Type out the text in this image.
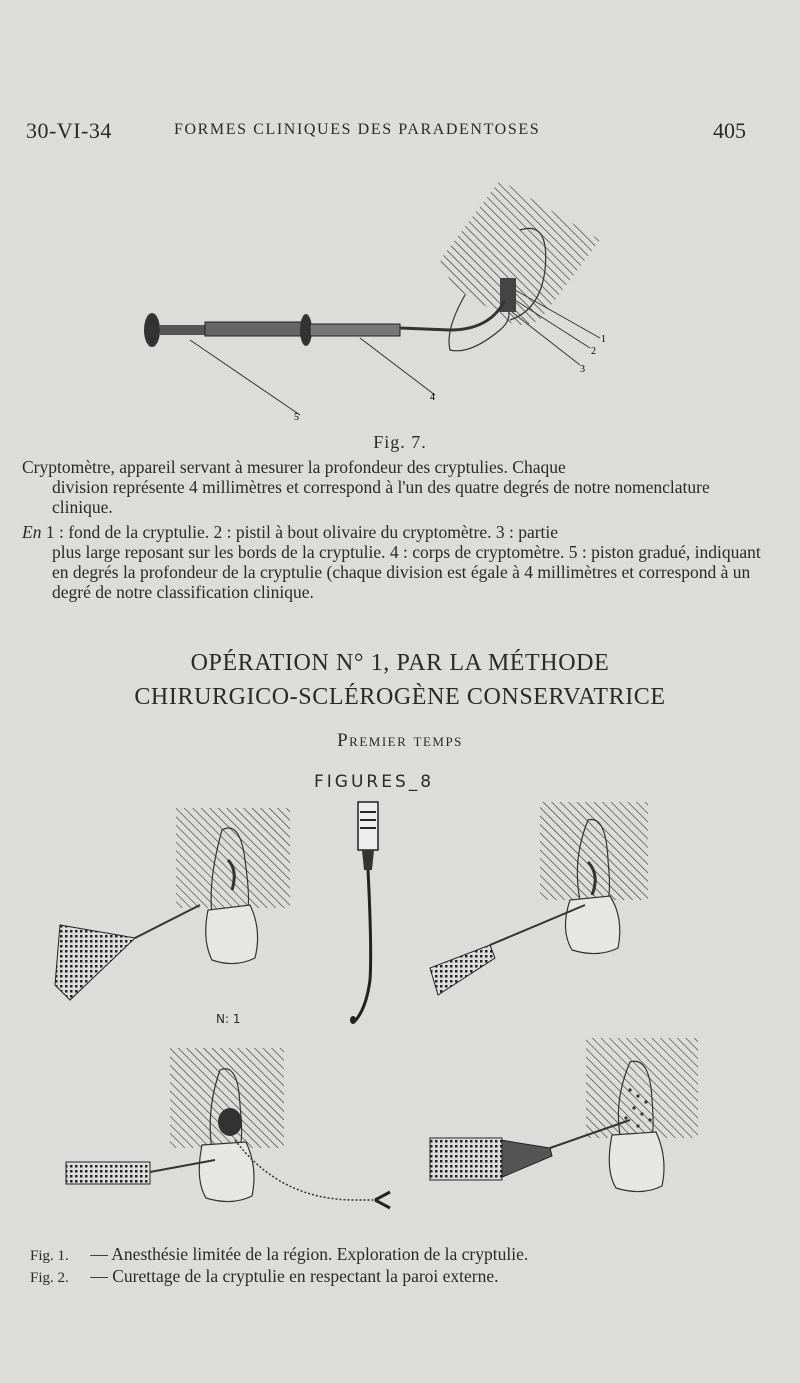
30-VI-34	FORMES CLINIQUES DES PARADENTOSES	405
1
2
3
4
5
Fig. 7.
Cryptomètre, appareil servant à mesurer la profondeur des cryptulies. Chaque
division représente 4 millimètres et correspond à l'un des quatre degrés de notre nomenclature clinique.
En 1 : fond de la cryptulie. 2 : pistil à bout olivaire du cryptomètre. 3 : partie
plus large reposant sur les bords de la cryptulie. 4 : corps de cryptomètre. 5 : piston gradué, indiquant en degrés la profondeur de la cryptulie (chaque division est égale à 4 millimètres et correspond à un degré de notre classification clinique.
OPÉRATION N° 1, PAR LA MÉTHODE
CHIRURGICO-SCLÉROGÈNE CONSERVATRICE
Premier temps
FIGURES_8
N: 1
Fig. 1. — Anesthésie limitée de la région. Exploration de la cryptulie.
Fig. 2. — Curettage de la cryptulie en respectant la paroi externe.
